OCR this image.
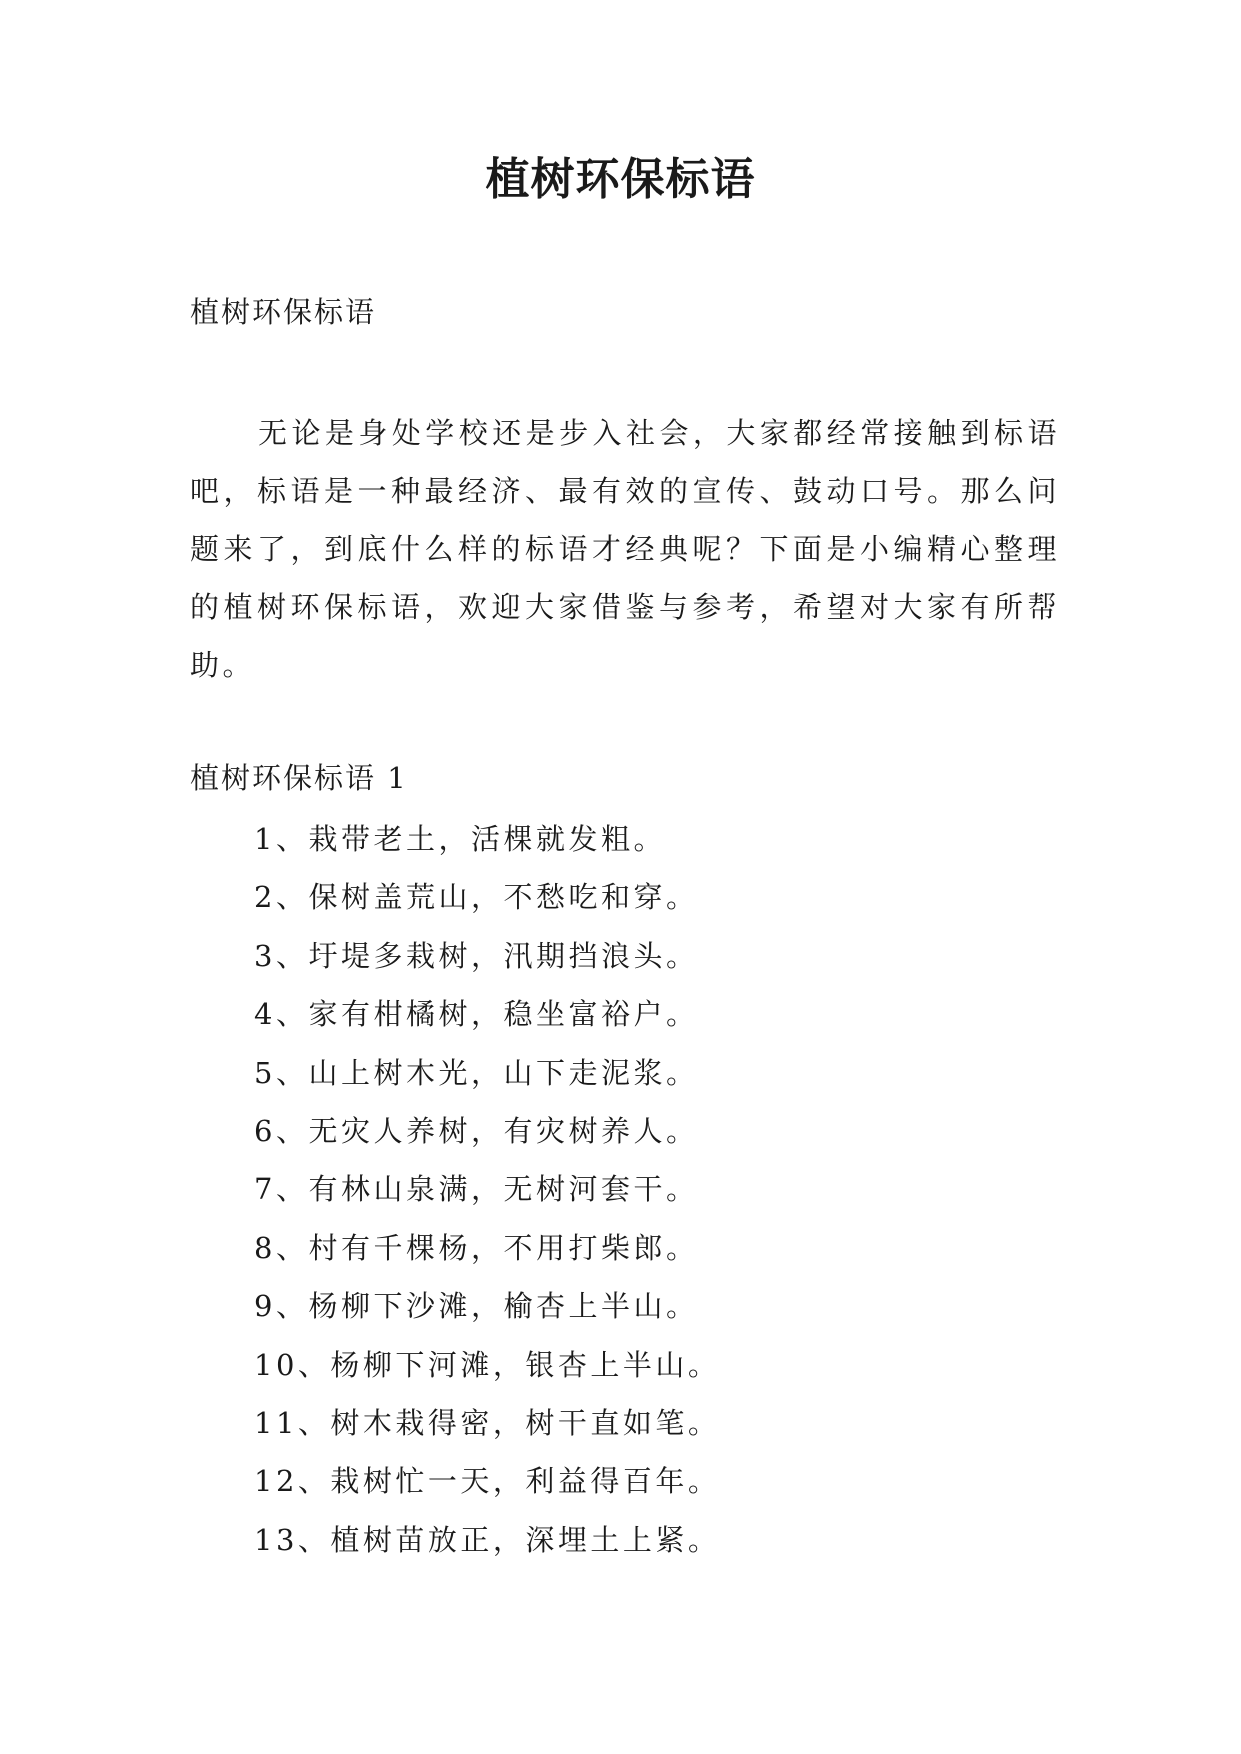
植树环保标语

植树环保标语

无论是身处学校还是步入社会，大家都经常接触到标语吧，标语是一种最经济、最有效的宣传、鼓动口号。那么问题来了，到底什么样的标语才经典呢？下面是小编精心整理的植树环保标语，欢迎大家借鉴与参考，希望对大家有所帮助。

植树环保标语 1

1、栽带老土，活棵就发粗。
2、保树盖荒山，不愁吃和穿。
3、圩堤多栽树，汛期挡浪头。
4、家有柑橘树，稳坐富裕户。
5、山上树木光，山下走泥浆。
6、无灾人养树，有灾树养人。
7、有林山泉满，无树河套干。
8、村有千棵杨，不用打柴郎。
9、杨柳下沙滩，榆杏上半山。
10、杨柳下河滩，银杏上半山。
11、树木栽得密，树干直如笔。
12、栽树忙一天，利益得百年。
13、植树苗放正，深埋土上紧。
